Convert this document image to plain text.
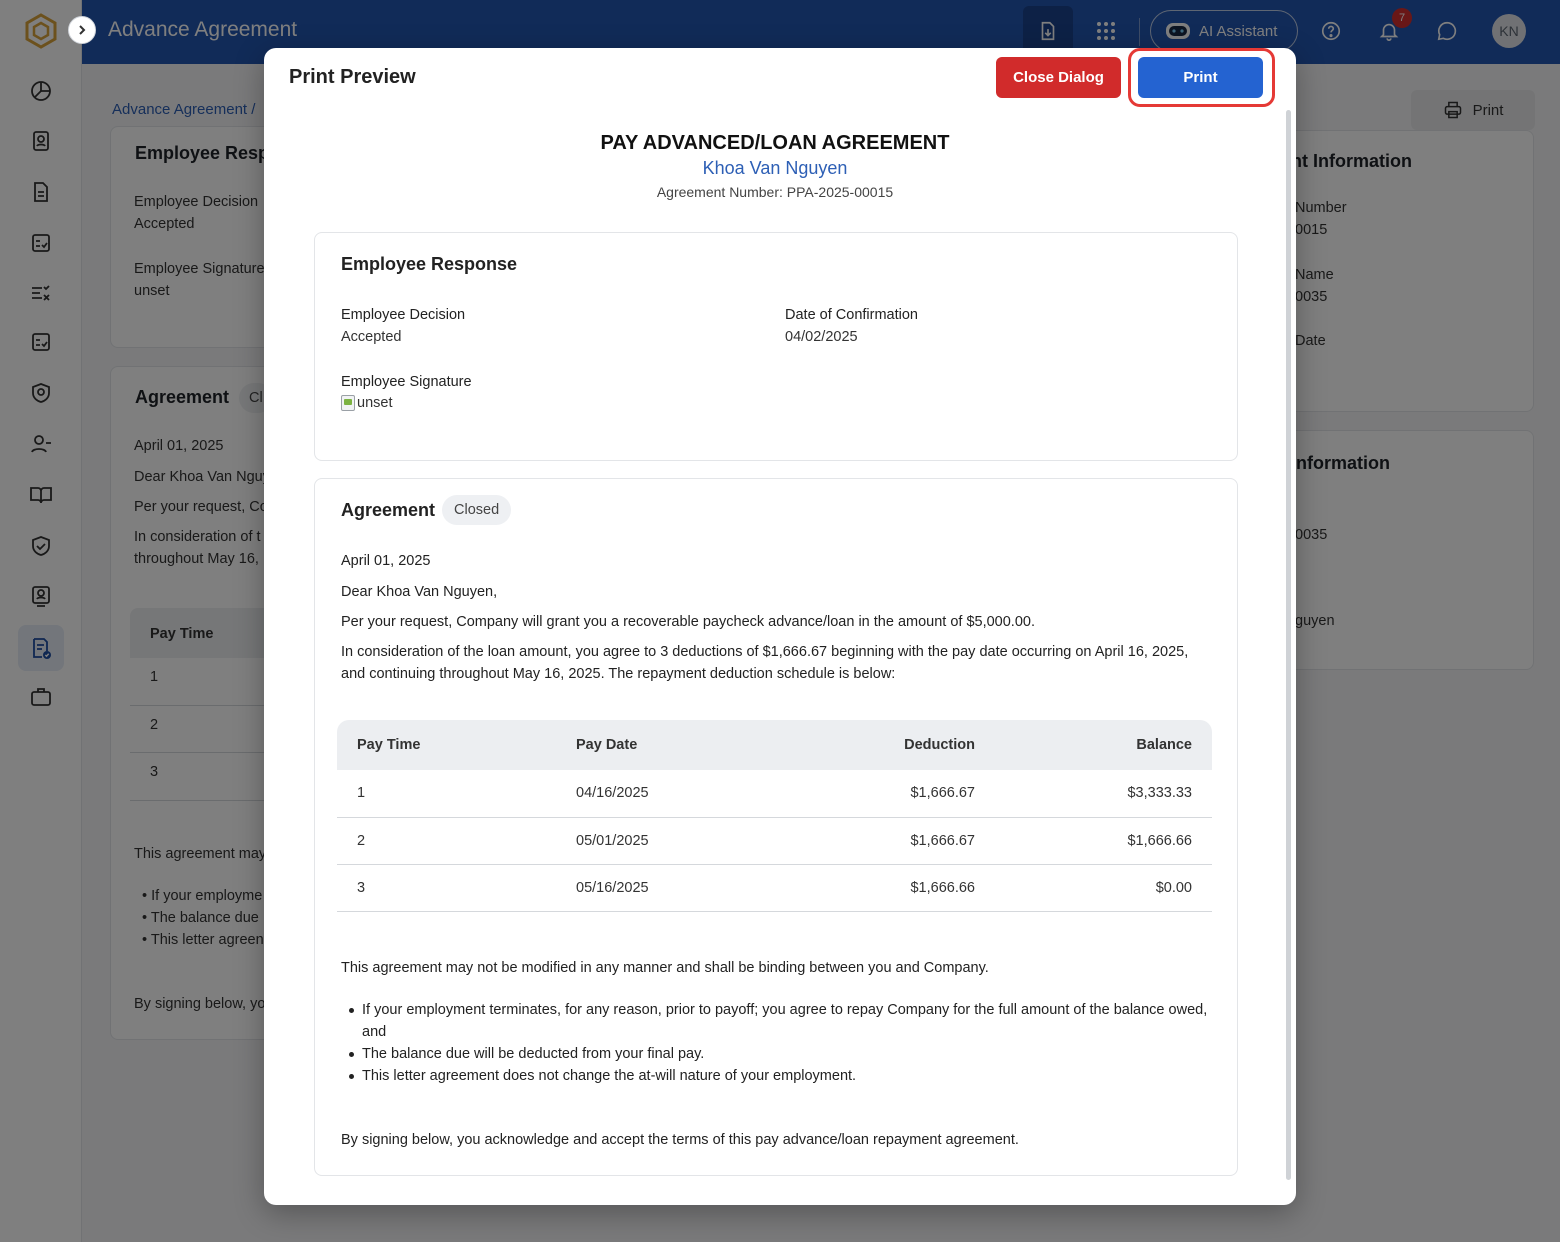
Print Preview	Close Dialog	Print
PAY ADVANCED/LOAN AGREEMENT
Khoa Van Nguyen
Agreement Number: PPA-2025-00015
Employee Response
Employee Decision
Accepted
Date of Confirmation
04/02/2025
Employee Signature
unset
Agreement	Closed
April 01, 2025
Dear Khoa Van Nguyen,
Per your request, Company will grant you a recoverable paycheck advance/loan in the amount of $5,000.00.
In consideration of the loan amount, you agree to 3 deductions of $1,666.67 beginning with the pay date occurring on April 16, 2025, and continuing throughout May 16, 2025. The repayment deduction schedule is below:
Pay Time	Pay Date	Deduction	Balance
1	04/16/2025	$1,666.67	$3,333.33
2	05/01/2025	$1,666.67	$1,666.66
3	05/16/2025	$1,666.66	$0.00
This agreement may not be modified in any manner and shall be binding between you and Company.
If your employment terminates, for any reason, prior to payoff; you agree to repay Company for the full amount of the balance owed, and
The balance due will be deducted from your final pay.
This letter agreement does not change the at-will nature of your employment.
By signing below, you acknowledge and accept the terms of this pay advance/loan repayment agreement.
